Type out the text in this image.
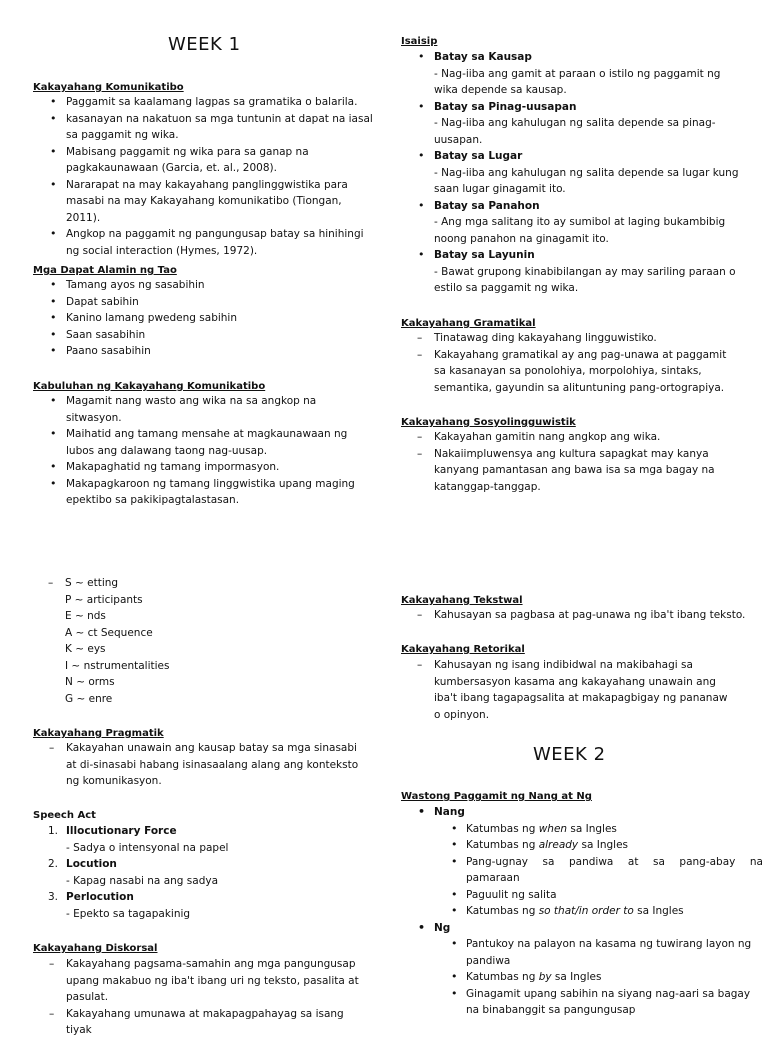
WEEK 1
Kakayahang Komunikatibo
• Paggamit sa kaalamang lagpas sa gramatika o balarila.
• kasanayan na nakatuon sa mga tuntunin at dapat na iasal sa paggamit ng wika.
• Mabisang paggamit ng wika para sa ganap na pagkakaunawaan (Garcia, et. al., 2008).
• Nararapat na may kakayahang panglinggwistika para masabi na may Kakayahang komunikatibo (Tiongan, 2011).
• Angkop na paggamit ng pangungusap batay sa hinihingi ng social interaction (Hymes, 1972).
Mga Dapat Alamin ng Tao
• Tamang ayos ng sasabihin
• Dapat sabihin
• Kanino lamang pwedeng sabihin
• Saan sasabihin
• Paano sasabihin
Kabuluhan ng Kakayahang Komunikatibo
• Magamit nang wasto ang wika na sa angkop na sitwasyon.
• Maihatid ang tamang mensahe at magkaunawaan ng lubos ang dalawang taong nag-uusap.
• Makapaghatid ng tamang impormasyon.
• Makapagkaroon ng tamang linggwistika upang maging epektibo sa pakikipagtalastasan.
– S ~ etting
P ~ articipants
E ~ nds
A ~ ct Sequence
K ~ eys
I ~ nstrumentalities
N ~ orms
G ~ enre
Kakayahang Pragmatik
– Kakayahan unawain ang kausap batay sa mga sinasabi at di-sinasabi habang isinasaalang alang ang konteksto ng komunikasyon.
Speech Act
1. Illocutionary Force
- Sadya o intensyonal na papel
2. Locution
- Kapag nasabi na ang sadya
3. Perlocution
- Epekto sa tagapakinig
Kakayahang Diskorsal
– Kakayahang pagsama-samahin ang mga pangungusap upang makabuo ng iba't ibang uri ng teksto, pasalita at pasulat.
– Kakayahang umunawa at makapagpahayag sa isang tiyak
Isaisip
• Batay sa Kausap
- Nag-iiba ang gamit at paraan o istilo ng paggamit ng wika depende sa kausap.
• Batay sa Pinag-uusapan
- Nag-iiba ang kahulugan ng salita depende sa pinag-uusapan.
• Batay sa Lugar
- Nag-iiba ang kahulugan ng salita depende sa lugar kung saan lugar ginagamit ito.
• Batay sa Panahon
- Ang mga salitang ito ay sumibol at laging bukambibig noong panahon na ginagamit ito.
• Batay sa Layunin
- Bawat grupong kinabibilangan ay may sariling paraan o estilo sa paggamit ng wika.
Kakayahang Gramatikal
– Tinatawag ding kakayahang lingguwistiko.
– Kakayahang gramatikal ay ang pag-unawa at paggamit sa kasanayan sa ponolohiya, morpolohiya, sintaks, semantika, gayundin sa alituntuning pang-ortograpiya.
Kakayahang Sosyolingguwistik
– Kakayahan gamitin nang angkop ang wika.
– Nakaiimpluwensya ang kultura sapagkat may kanya kanyang pamantasan ang bawa isa sa mga bagay na katanggap-tanggap.
Kakayahang Tekstwal
– Kahusayan sa pagbasa at pag-unawa ng iba't ibang teksto.
Kakayahang Retorikal
– Kahusayan ng isang indibidwal na makibahagi sa kumbersasyon kasama ang kakayahang unawain ang iba't ibang tagapagsalita at makapagbigay ng pananaw o opinyon.
WEEK 2
Wastong Paggamit ng Nang at Ng
• Nang
• Katumbas ng when sa Ingles
• Katumbas ng already sa Ingles
• Pang-ugnay sa pandiwa at sa pang-abay na pamaraan
• Paguulit ng salita
• Katumbas ng so that/in order to sa Ingles
• Ng
• Pantukoy na palayon na kasama ng tuwirang layon ng pandiwa
• Katumbas ng by sa Ingles
• Ginagamit upang sabihin na siyang nag-aari sa bagay na binabanggit sa pangungusap
